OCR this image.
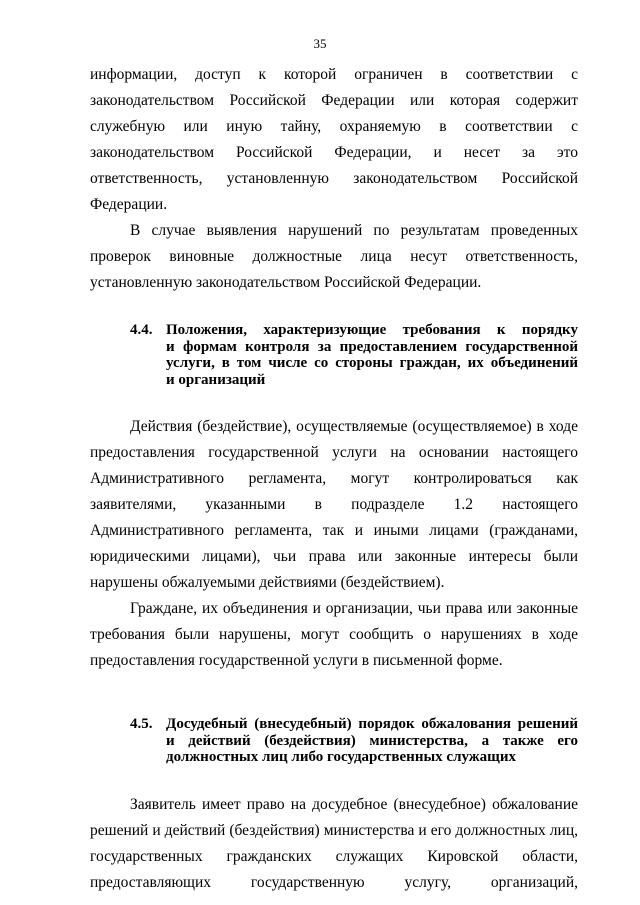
35

информации, доступ к которой ограничен в соответствии с законодательством Российской Федерации или которая содержит служебную или иную тайну, охраняемую в соответствии с законодательством Российской Федерации, и несет за это ответственность, установленную законодательством Российской Федерации.

В случае выявления нарушений по результатам проведенных проверок виновные должностные лица несут ответственность, установленную законодательством Российской Федерации.

4.4. Положения, характеризующие требования к порядку
и формам контроля за предоставлением государственной
услуги, в том числе со стороны граждан, их объединений
и организаций

Действия (бездействие), осуществляемые (осуществляемое) в ходе предоставления государственной услуги на основании настоящего Административного регламента, могут контролироваться как заявителями, указанными в подразделе 1.2 настоящего Административного регламента, так и иными лицами (гражданами, юридическими лицами), чьи права или законные интересы были нарушены обжалуемыми действиями (бездействием).

Граждане, их объединения и организации, чьи права или законные требования были нарушены, могут сообщить о нарушениях в ходе предоставления государственной услуги в письменной форме.

4.5. Досудебный (внесудебный) порядок обжалования решений
и действий (бездействия) министерства, а также его
должностных лиц либо государственных служащих

Заявитель имеет право на досудебное (внесудебное) обжалование решений и действий (бездействия) министерства и его должностных лиц, государственных гражданских служащих Кировской области, предоставляющих государственную услугу, организаций,
